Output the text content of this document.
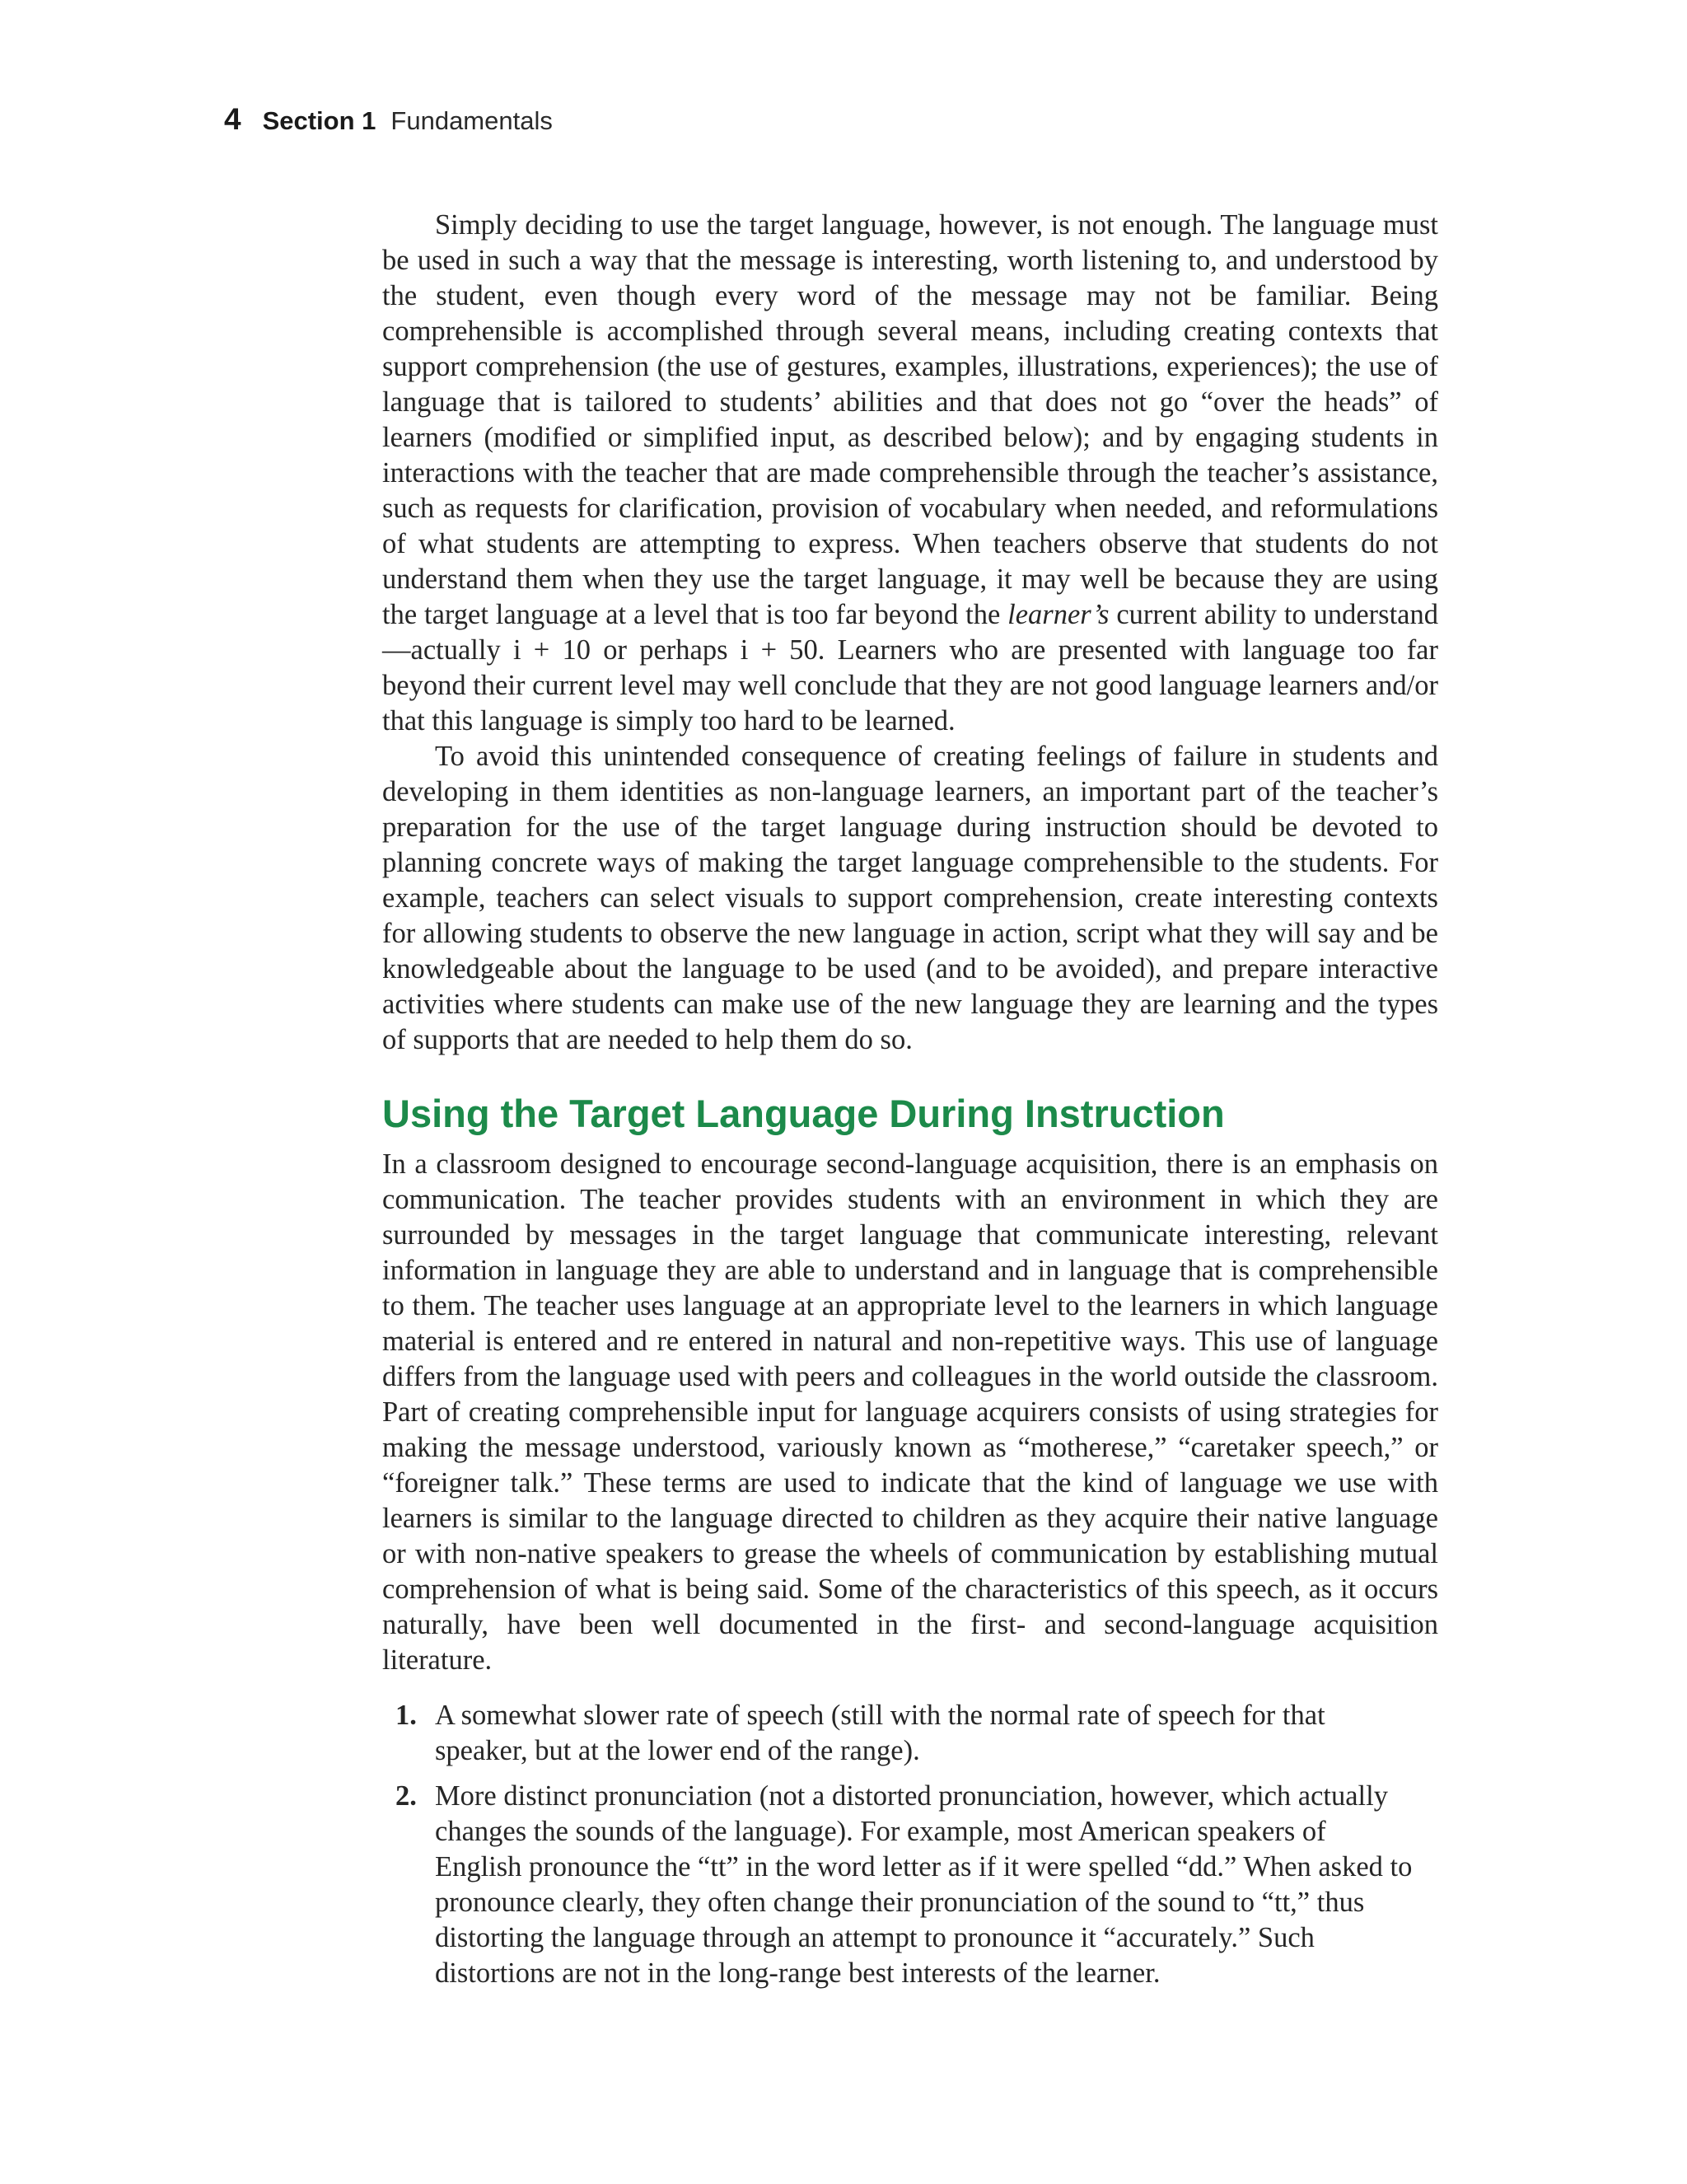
4 Section 1 Fundamentals

Simply deciding to use the target language, however, is not enough. The language must be used in such a way that the message is interesting, worth listening to, and understood by the student, even though every word of the message may not be familiar. Being comprehensible is accomplished through several means, including creating contexts that support comprehension (the use of gestures, examples, illustrations, experiences); the use of language that is tailored to students’ abilities and that does not go “over the heads” of learners (modified or simplified input, as described below); and by engaging students in interactions with the teacher that are made comprehensible through the teacher’s assistance, such as requests for clarification, provision of vocabulary when needed, and reformulations of what students are attempting to express. When teachers observe that students do not understand them when they use the target language, it may well be because they are using the target language at a level that is too far beyond the learner’s current ability to understand—actually i + 10 or perhaps i + 50. Learners who are presented with language too far beyond their current level may well conclude that they are not good language learners and/or that this language is simply too hard to be learned.

To avoid this unintended consequence of creating feelings of failure in students and developing in them identities as non-language learners, an important part of the teacher’s preparation for the use of the target language during instruction should be devoted to planning concrete ways of making the target language comprehensible to the students. For example, teachers can select visuals to support comprehension, create interesting contexts for allowing students to observe the new language in action, script what they will say and be knowledgeable about the language to be used (and to be avoided), and prepare interactive activities where students can make use of the new language they are learning and the types of supports that are needed to help them do so.

Using the Target Language During Instruction

In a classroom designed to encourage second-language acquisition, there is an emphasis on communication. The teacher provides students with an environment in which they are surrounded by messages in the target language that communicate interesting, relevant information in language they are able to understand and in language that is comprehensible to them. The teacher uses language at an appropriate level to the learners in which language material is entered and re entered in natural and non-repetitive ways. This use of language differs from the language used with peers and colleagues in the world outside the classroom. Part of creating comprehensible input for language acquirers consists of using strategies for making the message understood, variously known as “motherese,” “caretaker speech,” or “foreigner talk.” These terms are used to indicate that the kind of language we use with learners is similar to the language directed to children as they acquire their native language or with non-native speakers to grease the wheels of communication by establishing mutual comprehension of what is being said. Some of the characteristics of this speech, as it occurs naturally, have been well documented in the first- and second-language acquisition literature.

1. A somewhat slower rate of speech (still with the normal rate of speech for that speaker, but at the lower end of the range).
2. More distinct pronunciation (not a distorted pronunciation, however, which actually changes the sounds of the language). For example, most American speakers of English pronounce the “tt” in the word letter as if it were spelled “dd.” When asked to pronounce clearly, they often change their pronunciation of the sound to “tt,” thus distorting the language through an attempt to pronounce it “accurately.” Such distortions are not in the long-range best interests of the learner.
